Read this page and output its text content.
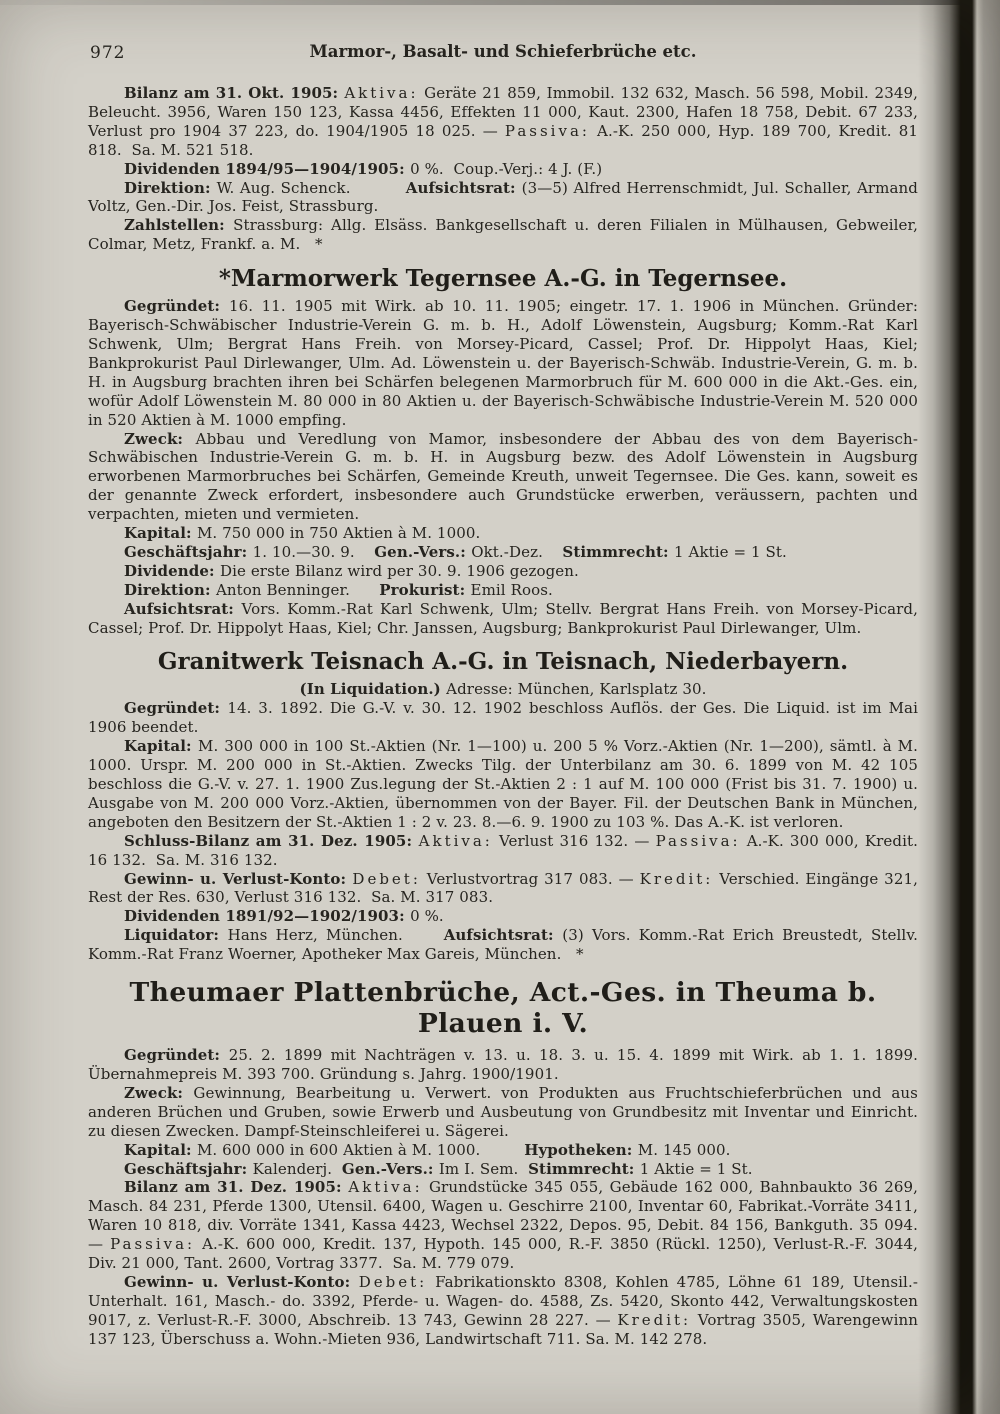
972	Marmor-, Basalt- und Schieferbrüche etc.

Bilanz am 31. Okt. 1905: Aktiva: Geräte 21 859, Immobil. 132 632, Masch. 56 598, Mobil. 2349, Beleucht. 3956, Waren 150 123, Kassa 4456, Effekten 11 000, Kaut. 2300, Hafen 18 758, Debit. 67 233, Verlust pro 1904 37 223, do. 1904/1905 18 025. — Passiva: A.-K. 250 000, Hyp. 189 700, Kredit. 81 818.  Sa. M. 521 518.

Dividenden 1894/95—1904/1905: 0 %.  Coup.-Verj.: 4 J. (F.)

Direktion: W. Aug. Schenck.          Aufsichtsrat: (3—5) Alfred Herrenschmidt, Jul. Schaller, Armand Voltz, Gen.-Dir. Jos. Feist, Strassburg.

Zahlstellen: Strassburg: Allg. Elsäss. Bankgesellschaft u. deren Filialen in Mülhausen, Gebweiler, Colmar, Metz, Frankf. a. M.   *

*Marmorwerk Tegernsee A.-G. in Tegernsee.

Gegründet: 16. 11. 1905 mit Wirk. ab 10. 11. 1905; eingetr. 17. 1. 1906 in München. Gründer: Bayerisch-Schwäbischer Industrie-Verein G. m. b. H., Adolf Löwenstein, Augsburg; Komm.-Rat Karl Schwenk, Ulm; Bergrat Hans Freih. von Morsey-Picard, Cassel; Prof. Dr. Hippolyt Haas, Kiel; Bankprokurist Paul Dirlewanger, Ulm. Ad. Löwenstein u. der Bayerisch-Schwäb. Industrie-Verein, G. m. b. H. in Augsburg brachten ihren bei Schärfen belegenen Marmorbruch für M. 600 000 in die Akt.-Ges. ein, wofür Adolf Löwenstein M. 80 000 in 80 Aktien u. der Bayerisch-Schwäbische Industrie-Verein M. 520 000 in 520 Aktien à M. 1000 empfing.

Zweck: Abbau und Veredlung von Mamor, insbesondere der Abbau des von dem Bayerisch-Schwäbischen Industrie-Verein G. m. b. H. in Augsburg bezw. des Adolf Löwenstein in Augsburg erworbenen Marmorbruches bei Schärfen, Gemeinde Kreuth, unweit Tegernsee. Die Ges. kann, soweit es der genannte Zweck erfordert, insbesondere auch Grundstücke erwerben, veräussern, pachten und verpachten, mieten und vermieten.

Kapital: M. 750 000 in 750 Aktien à M. 1000.

Geschäftsjahr: 1. 10.—30. 9.    Gen.-Vers.: Okt.-Dez.    Stimmrecht: 1 Aktie = 1 St.

Dividende: Die erste Bilanz wird per 30. 9. 1906 gezogen.

Direktion: Anton Benninger.      Prokurist: Emil Roos.

Aufsichtsrat: Vors. Komm.-Rat Karl Schwenk, Ulm; Stellv. Bergrat Hans Freih. von Morsey-Picard, Cassel; Prof. Dr. Hippolyt Haas, Kiel; Chr. Janssen, Augsburg; Bankprokurist Paul Dirlewanger, Ulm.

Granitwerk Teisnach A.-G. in Teisnach, Niederbayern.

(In Liquidation.) Adresse: München, Karlsplatz 30.

Gegründet: 14. 3. 1892. Die G.-V. v. 30. 12. 1902 beschloss Auflös. der Ges. Die Liquid. ist im Mai 1906 beendet.

Kapital: M. 300 000 in 100 St.-Aktien (Nr. 1—100) u. 200 5 % Vorz.-Aktien (Nr. 1—200), sämtl. à M. 1000. Urspr. M. 200 000 in St.-Aktien. Zwecks Tilg. der Unterbilanz am 30. 6. 1899 von M. 42 105 beschloss die G.-V. v. 27. 1. 1900 Zus.legung der St.-Aktien 2 : 1 auf M. 100 000 (Frist bis 31. 7. 1900) u. Ausgabe von M. 200 000 Vorz.-Aktien, übernommen von der Bayer. Fil. der Deutschen Bank in München, angeboten den Besitzern der St.-Aktien 1 : 2 v. 23. 8.—6. 9. 1900 zu 103 %. Das A.-K. ist verloren.

Schluss-Bilanz am 31. Dez. 1905: Aktiva: Verlust 316 132. — Passiva: A.-K. 300 000, Kredit. 16 132.  Sa. M. 316 132.

Gewinn- u. Verlust-Konto: Debet: Verlustvortrag 317 083. — Kredit: Verschied. Eingänge 321, Rest der Res. 630, Verlust 316 132.  Sa. M. 317 083.

Dividenden 1891/92—1902/1903: 0 %.

Liquidator: Hans Herz, München.     Aufsichtsrat: (3) Vors. Komm.-Rat Erich Breustedt, Stellv. Komm.-Rat Franz Woerner, Apotheker Max Gareis, München.   *

Theumaer Plattenbrüche, Act.-Ges. in Theuma b. Plauen i. V.

Gegründet: 25. 2. 1899 mit Nachträgen v. 13. u. 18. 3. u. 15. 4. 1899 mit Wirk. ab 1. 1. 1899. Übernahmepreis M. 393 700. Gründung s. Jahrg. 1900/1901.

Zweck: Gewinnung, Bearbeitung u. Verwert. von Produkten aus Fruchtschieferbrüchen und aus anderen Brüchen und Gruben, sowie Erwerb und Ausbeutung von Grundbesitz mit Inventar und Einricht. zu diesen Zwecken. Dampf-Steinschleiferei u. Sägerei.

Kapital: M. 600 000 in 600 Aktien à M. 1000.         Hypotheken: M. 145 000.

Geschäftsjahr: Kalenderj.  Gen.-Vers.: Im I. Sem.  Stimmrecht: 1 Aktie = 1 St.

Bilanz am 31. Dez. 1905: Aktiva: Grundstücke 345 055, Gebäude 162 000, Bahnbaukto 36 269, Masch. 84 231, Pferde 1300, Utensil. 6400, Wagen u. Geschirre 2100, Inventar 60, Fabrikat.-Vorräte 3411, Waren 10 818, div. Vorräte 1341, Kassa 4423, Wechsel 2322, Depos. 95, Debit. 84 156, Bankguth. 35 094. — Passiva: A.-K. 600 000, Kredit. 137, Hypoth. 145 000, R.-F. 3850 (Rückl. 1250), Verlust-R.-F. 3044, Div. 21 000, Tant. 2600, Vortrag 3377.  Sa. M. 779 079.

Gewinn- u. Verlust-Konto: Debet: Fabrikationskto 8308, Kohlen 4785, Löhne 61 189, Utensil.-Unterhalt. 161, Masch.- do. 3392, Pferde- u. Wagen- do. 4588, Zs. 5420, Skonto 442, Verwaltungskosten 9017, z. Verlust-R.-F. 3000, Abschreib. 13 743, Gewinn 28 227. — Kredit: Vortrag 3505, Warengewinn 137 123, Überschuss a. Wohn.-Mieten 936, Landwirtschaft 711. Sa. M. 142 278.
